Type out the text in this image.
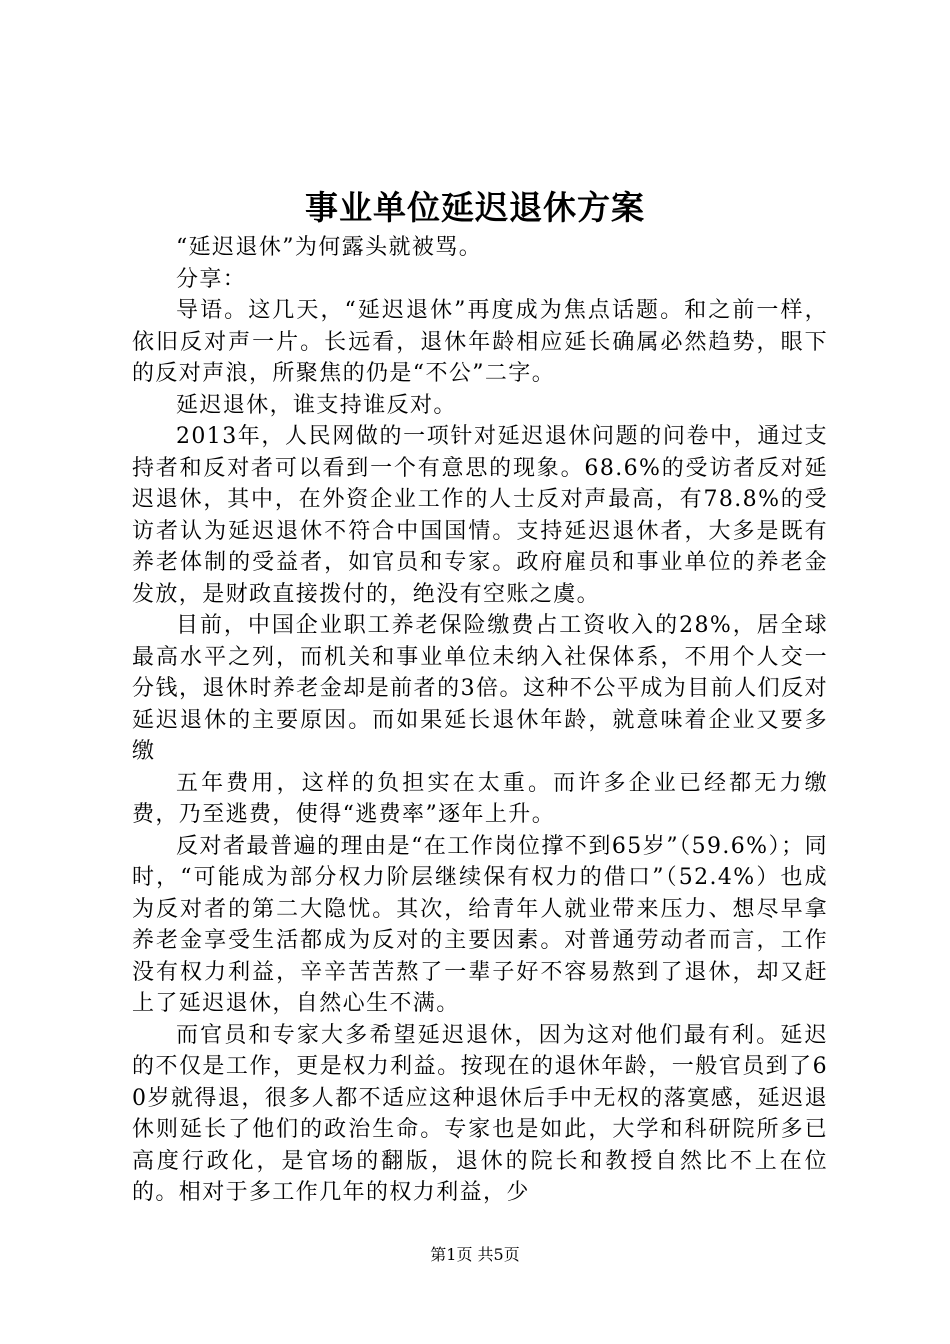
事业单位延迟退休方案

“延迟退休”为何露头就被骂。

分享：

导语。这几天，“延迟退休”再度成为焦点话题。和之前一样，依旧反对声一片。长远看，退休年龄相应延长确属必然趋势，眼下的反对声浪，所聚焦的仍是“不公”二字。

延迟退休，谁支持谁反对。

2013年，人民网做的一项针对延迟退休问题的问卷中，通过支持者和反对者可以看到一个有意思的现象。68.6%的受访者反对延迟退休，其中，在外资企业工作的人士反对声最高，有78.8%的受访者认为延迟退休不符合中国国情。支持延迟退休者，大多是既有养老体制的受益者，如官员和专家。政府雇员和事业单位的养老金发放，是财政直接拨付的，绝没有空账之虞。

目前，中国企业职工养老保险缴费占工资收入的28%，居全球最高水平之列，而机关和事业单位未纳入社保体系，不用个人交一分钱，退休时养老金却是前者的3倍。这种不公平成为目前人们反对延迟退休的主要原因。而如果延长退休年龄，就意味着企业又要多缴

五年费用，这样的负担实在太重。而许多企业已经都无力缴费，乃至逃费，使得“逃费率”逐年上升。

反对者最普遍的理由是“在工作岗位撑不到65岁”（59.6%）；同时，“可能成为部分权力阶层继续保有权力的借口”（52.4%）也成为反对者的第二大隐忧。其次，给青年人就业带来压力、想尽早拿养老金享受生活都成为反对的主要因素。对普通劳动者而言，工作没有权力利益，辛辛苦苦熬了一辈子好不容易熬到了退休，却又赶上了延迟退休，自然心生不满。

而官员和专家大多希望延迟退休，因为这对他们最有利。延迟的不仅是工作，更是权力利益。按现在的退休年龄，一般官员到了60岁就得退，很多人都不适应这种退休后手中无权的落寞感，延迟退休则延长了他们的政治生命。专家也是如此，大学和科研院所多已高度行政化，是官场的翻版，退休的院长和教授自然比不上在位的。相对于多工作几年的权力利益，少

第1页 共5页
